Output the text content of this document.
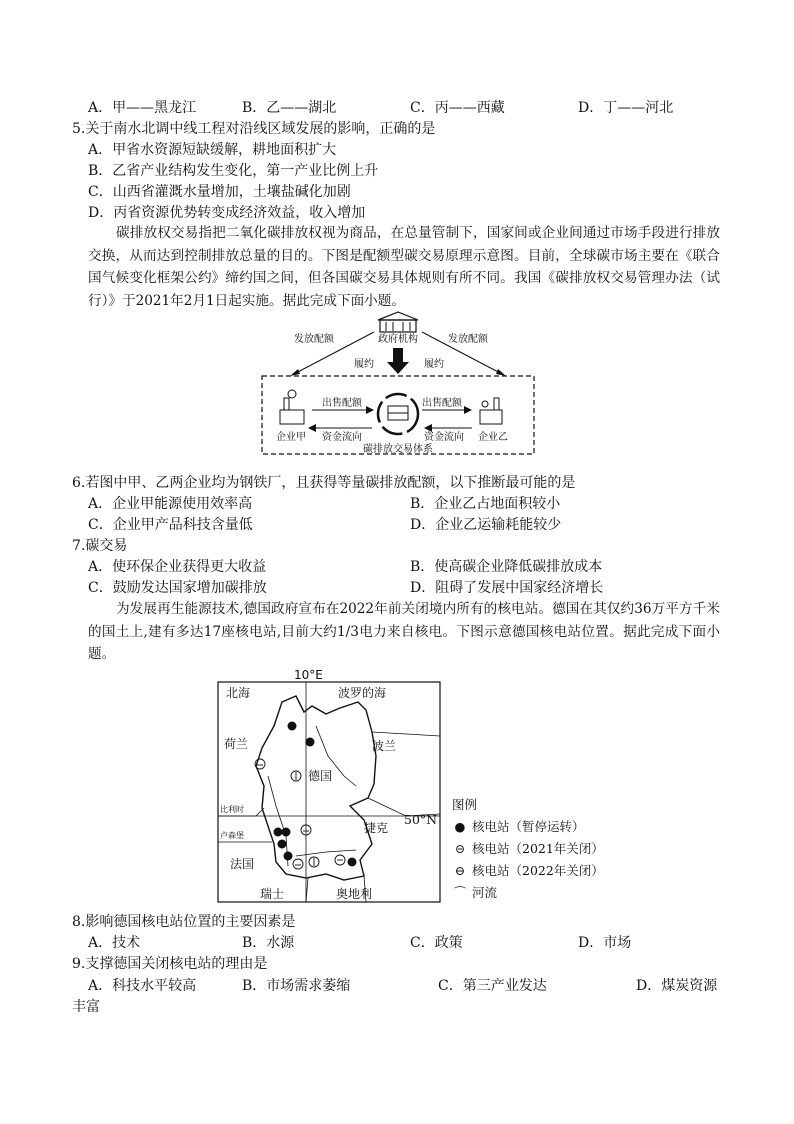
A．甲——黑龙江	B．乙——湖北	C．丙——西藏	D．丁——河北
5.关于南水北调中线工程对沿线区域发展的影响，正确的是
A．甲省水资源短缺缓解，耕地面积扩大
B．乙省产业结构发生变化，第一产业比例上升
C．山西省灌溉水量增加，土壤盐碱化加剧
D．丙省资源优势转变成经济效益，收入增加
碳排放权交易指把二氧化碳排放权视为商品，在总量管制下，国家间或企业间通过市场手段进行排放交换，从而达到控制排放总量的目的。下图是配额型碳交易原理示意图。目前，全球碳市场主要在《联合国气候变化框架公约》缔约国之间，但各国碳交易具体规则有所不同。我国《碳排放权交易管理办法（试行）》于2021年2月1日起实施。据此完成下面小题。
政府机构
发放配额	发放配额
履约	履约
企业甲	企业乙
出售配额	出售配额
资金流向	资金流向
碳排放交易体系
6.若图中甲、乙两企业均为钢铁厂，且获得等量碳排放配额，以下推断最可能的是
A．企业甲能源使用效率高	B．企业乙占地面积较小
C．企业甲产品科技含量低	D．企业乙运输耗能较少
7.碳交易
A．使环保企业获得更大收益	B．使高碳企业降低碳排放成本
C．鼓励发达国家增加碳排放	D．阻碍了发展中国家经济增长
为发展再生能源技术,德国政府宣布在2022年前关闭境内所有的核电站。德国在其仅约36万平方千米的国土上,建有多达17座核电站,目前大约1/3电力来自核电。下图示意德国核电站位置。据此完成下面小题。
10°E
北海	波罗的海
荷兰	波兰
德国
捷克
法国
瑞士	奥地利
比利时
卢森堡
50°N
图例
● 核电站（暂停运转）
⊝ 核电站（2021年关闭）
⊖ 核电站（2022年关闭）
⌒ 河流
8.影响德国核电站位置的主要因素是
A．技术	B．水源	C．政策	D．市场
9.支撑德国关闭核电站的理由是
A．科技水平较高	B．市场需求萎缩	C．第三产业发达	D．煤炭资源
丰富
